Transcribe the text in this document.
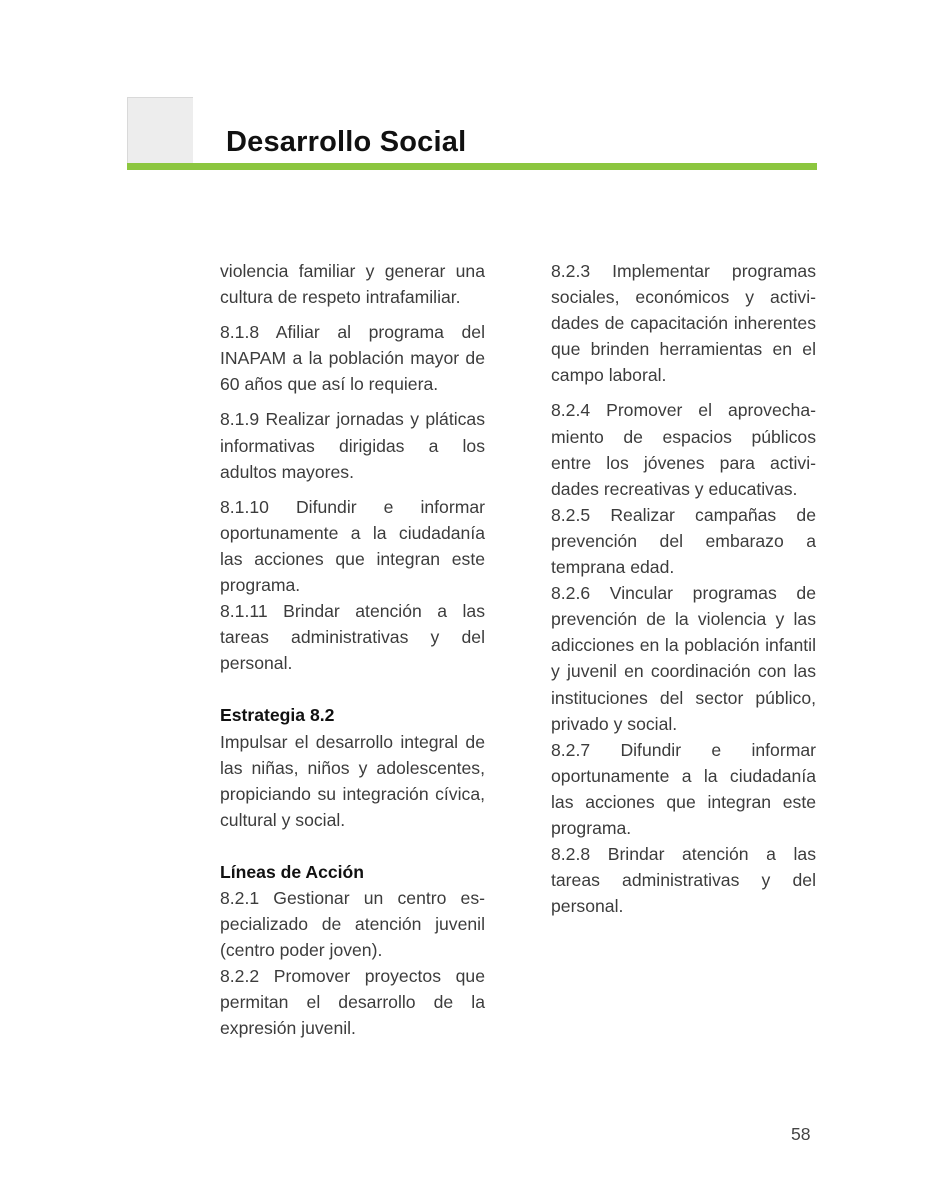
Desarrollo Social

violencia familiar y generar una cultura de respeto intrafamiliar.

8.1.8 Afiliar al programa del INAPAM a la población mayor de 60 años que así lo requiera.

8.1.9 Realizar jornadas y pláticas informativas dirigidas a los adultos mayores.

8.1.10 Difundir e informar oportunamente a la ciudadanía las acciones que integran este programa.

8.1.11 Brindar atención a las tareas administrativas y del personal.

Estrategia 8.2

Impulsar el desarrollo integral de las niñas, niños y adolescentes, propiciando su integración cívica, cultural y social.

Líneas de Acción

8.2.1 Gestionar un centro especializado de atención juvenil (centro poder joven).

8.2.2 Promover proyectos que permitan el desarrollo de la expresión juvenil.

8.2.3 Implementar programas sociales, económicos y actividades de capacitación inherentes que brinden herramientas en el campo laboral.

8.2.4 Promover el aprovechamiento de espacios públicos entre los jóvenes para actividades recreativas y educativas.

8.2.5 Realizar campañas de prevención del embarazo a temprana edad.

8.2.6 Vincular programas de prevención de la violencia y las adicciones en la población infantil y juvenil en coordinación con las instituciones del sector público, privado y social.

8.2.7 Difundir e informar oportunamente a la ciudadanía las acciones que integran este programa.

8.2.8 Brindar atención a las tareas administrativas y del personal.

58
